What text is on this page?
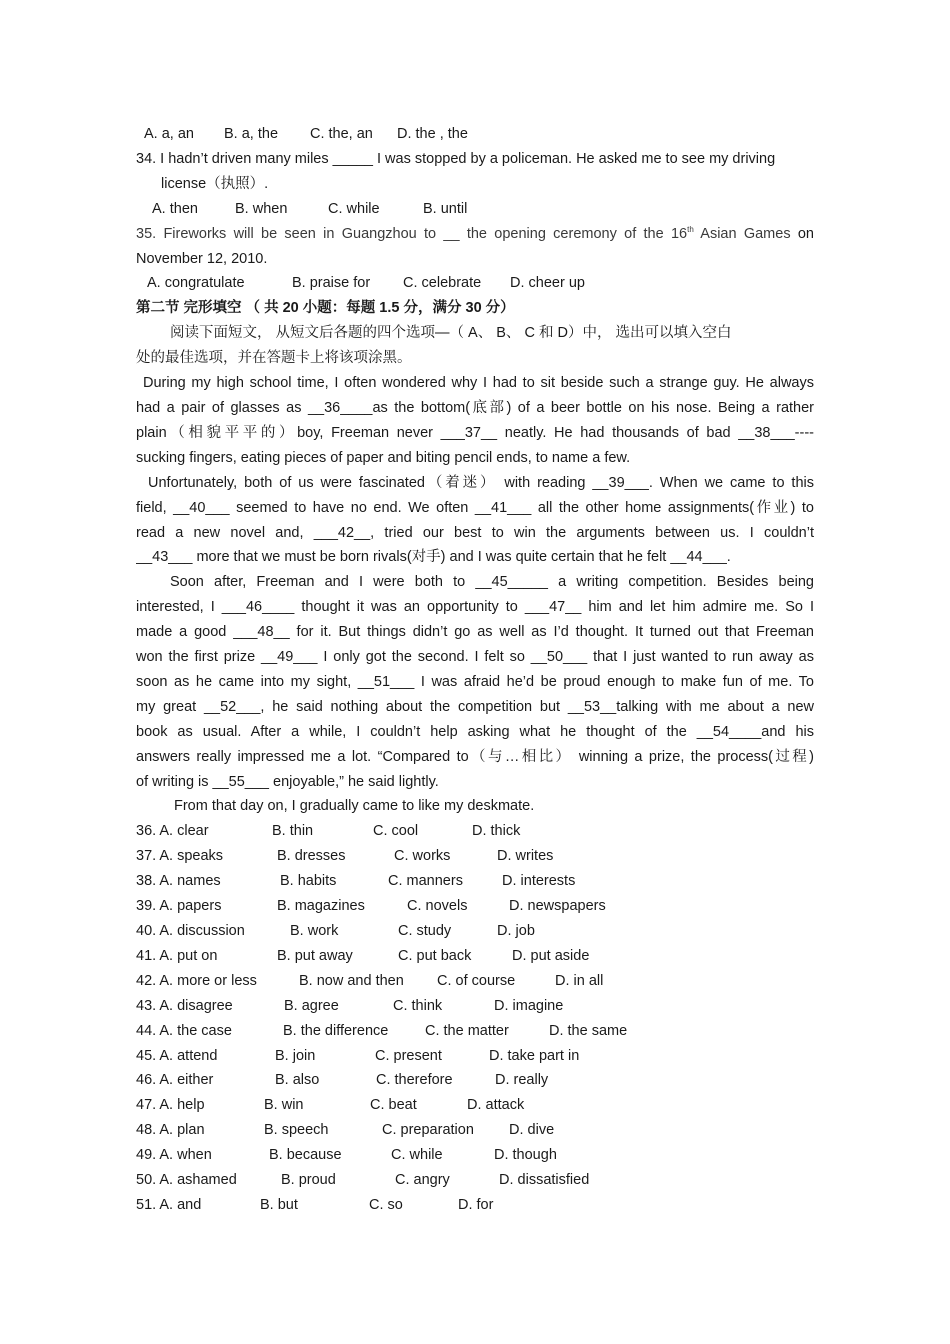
A. a, an B. a, the C. the, an D. the , the
34. I hadn’t driven many miles _____ I was stopped by a policeman. He asked me to see my driving
license（执照）.
A. then	B. when	C. while	B. until
35. Fireworks will be seen in Guangzhou to __ the opening ceremony of the 16th Asian Games on
November 12, 2010.
A. congratulate	B. praise for C. celebrate D. cheer up
第二节 完形填空 （ 共 20 小题：每题 1.5 分，满分 30 分）
阅读下面短文， 从短文后各题的四个选项—（ A、 B、 C 和 D）中， 选出可以填入空白
处的最佳选项，并在答题卡上将该项涂黑。
During my high school time, I often wondered why I had to sit beside such a strange guy. He always
had a pair of glasses as __36____as the bottom(底部) of a beer bottle on his nose. Being a rather
plain（相貌平平的）boy, Freeman never ___37__ neatly. He had thousands of bad __38___----
sucking fingers, eating pieces of paper and biting pencil ends, to name a few.
Unfortunately, both of us were fascinated（着迷） with reading __39___. When we came to this
field, __40___ seemed to have no end. We often __41___ all the other home assignments(作业) to
read a new novel and, ___42__, tried our best to win the arguments between us. I couldn’t
__43___ more that we must be born rivals(对手) and I was quite certain that he felt __44___.
Soon after, Freeman and I were both to __45_____ a writing competition. Besides being
interested, I ___46____ thought it was an opportunity to ___47__ him and let him admire me. So I
made a good ___48__ for it. But things didn’t go as well as I’d thought. It turned out that Freeman
won the first prize __49___ I only got the second. I felt so __50___ that I just wanted to run away as
soon as he came into my sight, __51___ I was afraid he’d be proud enough to make fun of me. To
my great __52___, he said nothing about the competition but __53__talking with me about a new
book as usual. After a while, I couldn’t help asking what he thought of the __54____and his
answers really impressed me a lot. “Compared to（与…相比） winning a prize, the process(过程)
of writing is __55___ enjoyable,” he said lightly.
From that day on, I gradually came to like my deskmate.
36. A. clear	B. thin	C. cool	D. thick
37. A. speaks	B. dresses	C. works	D. writes
38. A. names	B. habits	C. manners	D. interests
39. A. papers	B. magazines	C. novels	D. newspapers
40. A. discussion	B. work	C. study	D. job
41. A. put on	B. put away	C. put back	D. put aside
42. A. more or less	B. now and then C. of course	D. in all
43. A. disagree	B. agree	C. think	D. imagine
44. A. the case	B. the difference	C. the matter	D. the same
45. A. attend	B. join	C. present	D. take part in
46. A. either	B. also	C. therefore	D. really
47. A. help	B. win	C. beat	D. attack
48. A. plan	B. speech	C. preparation D. dive
49. A. when	B. because	C. while	D. though
50. A. ashamed	B. proud	C. angry	D. dissatisfied
51. A. and	B. but	C. so	D. for
